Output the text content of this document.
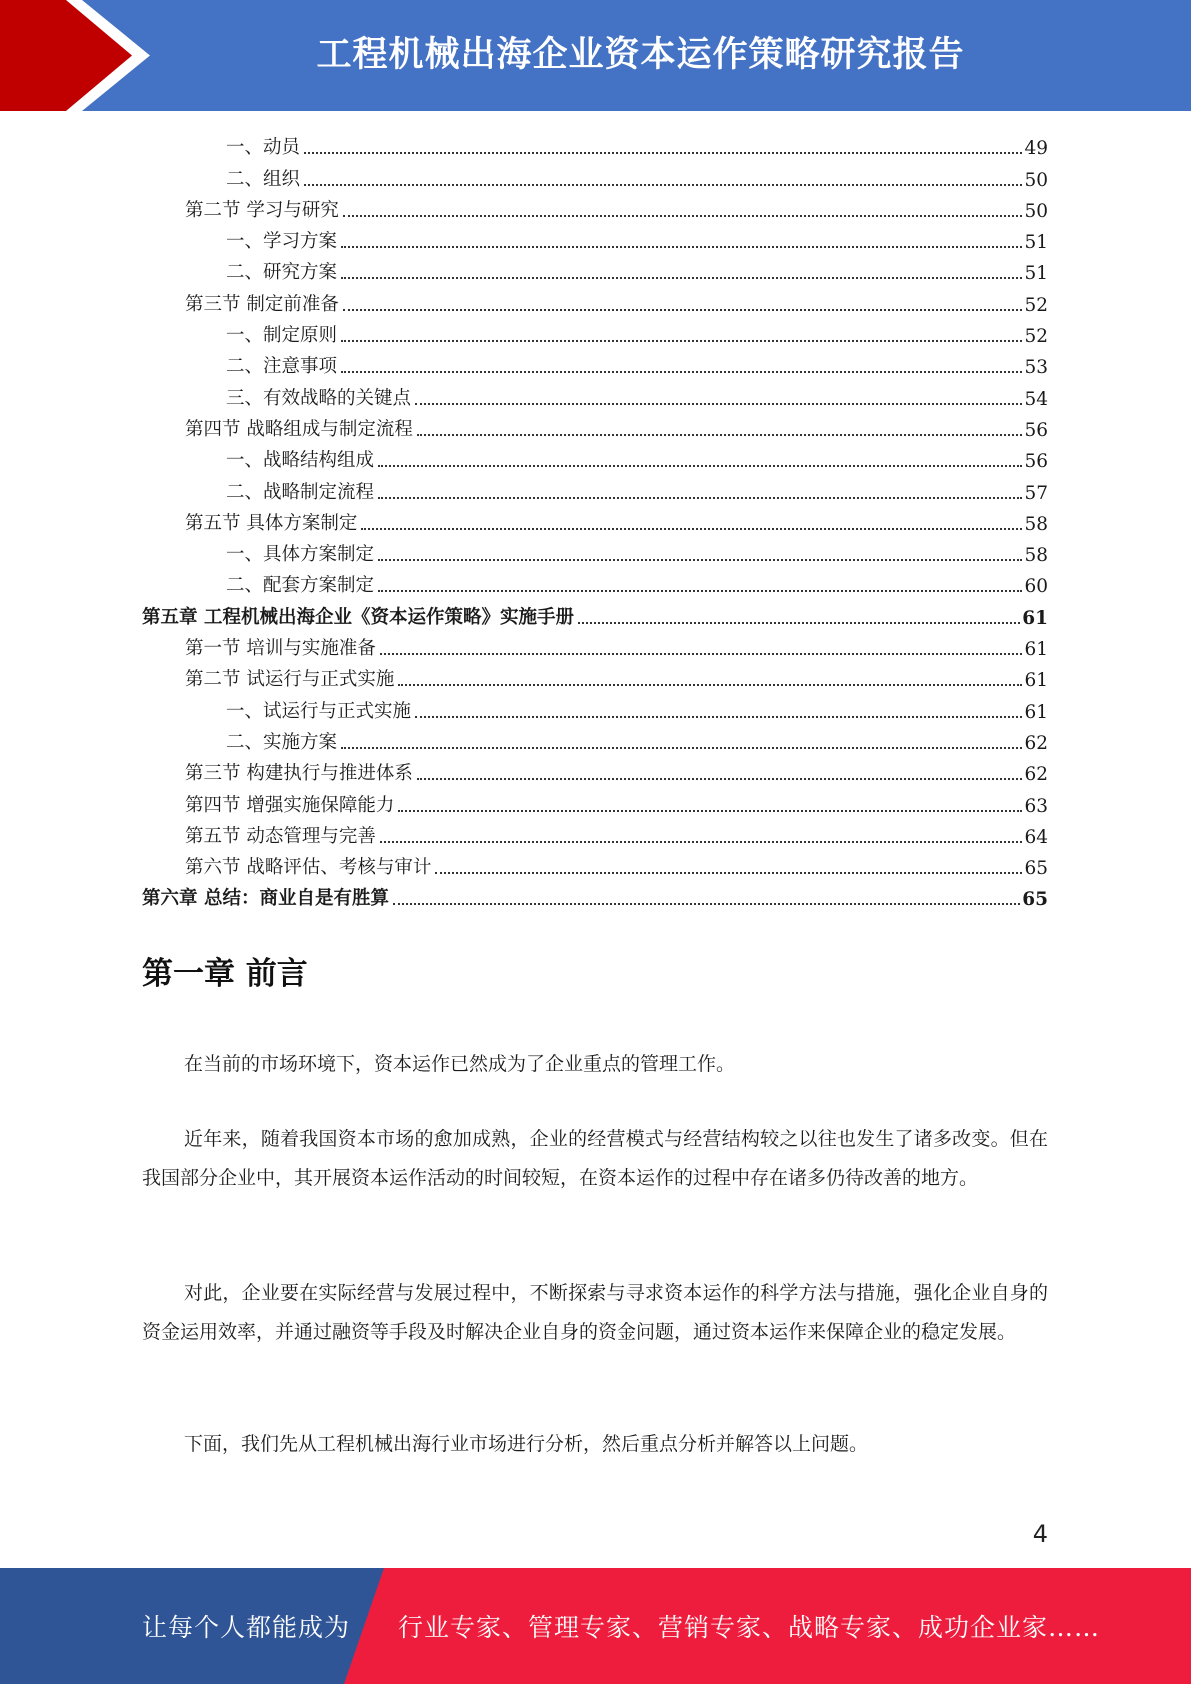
工程机械出海企业资本运作策略研究报告
一、动员	49
二、组织	50
第二节 学习与研究	50
一、学习方案	51
二、研究方案	51
第三节 制定前准备	52
一、制定原则	52
二、注意事项	53
三、有效战略的关键点	54
第四节 战略组成与制定流程	56
一、战略结构组成	56
二、战略制定流程	57
第五节 具体方案制定	58
一、具体方案制定	58
二、配套方案制定	60
第五章 工程机械出海企业《资本运作策略》实施手册	61
第一节 培训与实施准备	61
第二节 试运行与正式实施	61
一、试运行与正式实施	61
二、实施方案	62
第三节 构建执行与推进体系	62
第四节 增强实施保障能力	63
第五节 动态管理与完善	64
第六节 战略评估、考核与审计	65
第六章 总结：商业自是有胜算	65
第一章 前言

在当前的市场环境下，资本运作已然成为了企业重点的管理工作。

近年来，随着我国资本市场的愈加成熟，企业的经营模式与经营结构较之以往也发生了诸多改变。但在我国部分企业中，其开展资本运作活动的时间较短，在资本运作的过程中存在诸多仍待改善的地方。

对此，企业要在实际经营与发展过程中，不断探索与寻求资本运作的科学方法与措施，强化企业自身的资金运用效率，并通过融资等手段及时解决企业自身的资金问题，通过资本运作来保障企业的稳定发展。

下面，我们先从工程机械出海行业市场进行分析，然后重点分析并解答以上问题。

4
让每个人都能成为 行业专家、管理专家、营销专家、战略专家、成功企业家……
